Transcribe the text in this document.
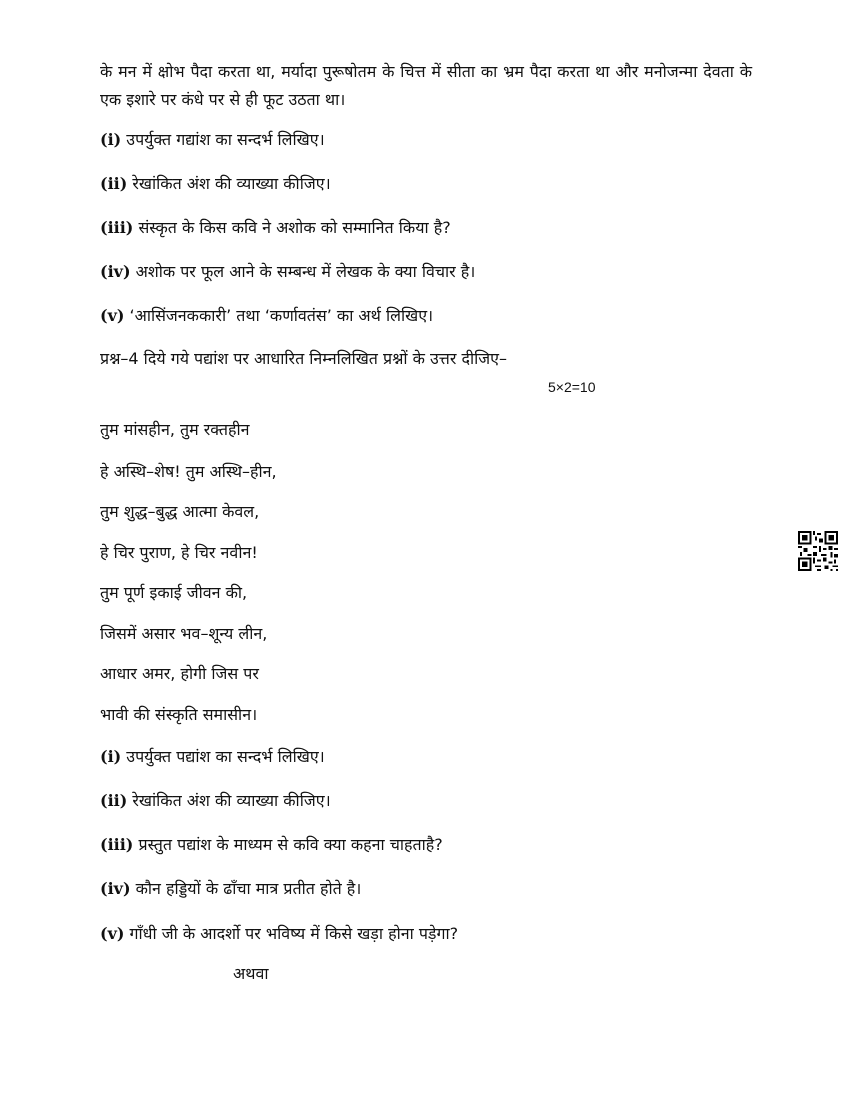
के मन में क्षोभ पैदा करता था, मर्यादा पुरूषोतम के चित्त में सीता का भ्रम पैदा करता था और मनोजन्मा देवता के एक इशारे पर कंधे पर से ही फूट उठता था।
(i) उपर्युक्त गद्यांश का सन्दर्भ लिखिए।
(ii) रेखांकित अंश की व्याख्या कीजिए।
(iii) संस्कृत के किस कवि ने अशोक को सम्मानित किया है?
(iv) अशोक पर फूल आने के सम्बन्ध में लेखक के क्या विचार है।
(v) ‘आसिंजनककारी’ तथा ‘कर्णावतंस’ का अर्थ लिखिए।
प्रश्न–4 दिये गये पद्यांश पर आधारित निम्नलिखित प्रश्नों के उत्तर दीजिए–
5×2=10
तुम मांसहीन, तुम रक्तहीन
हे अस्थि–शेष! तुम अस्थि–हीन,
तुम शुद्ध–बुद्ध आत्मा केवल,
हे चिर पुराण, हे चिर नवीन!
तुम पूर्ण इकाई जीवन की,
जिसमें असार भव–शून्य लीन,
आधार अमर, होगी जिस पर
भावी की संस्कृति समासीन।
(i) उपर्युक्त पद्यांश का सन्दर्भ लिखिए।
(ii) रेखांकित अंश की व्याख्या कीजिए।
(iii) प्रस्तुत पद्यांश के माध्यम से कवि क्या कहना चाहताहै?
(iv) कौन हड्डियों के ढाँचा मात्र प्रतीत होते है।
(v) गाँधी जी के आदर्शो पर भविष्य में किसे खड़ा होना पड़ेगा?
अथवा
